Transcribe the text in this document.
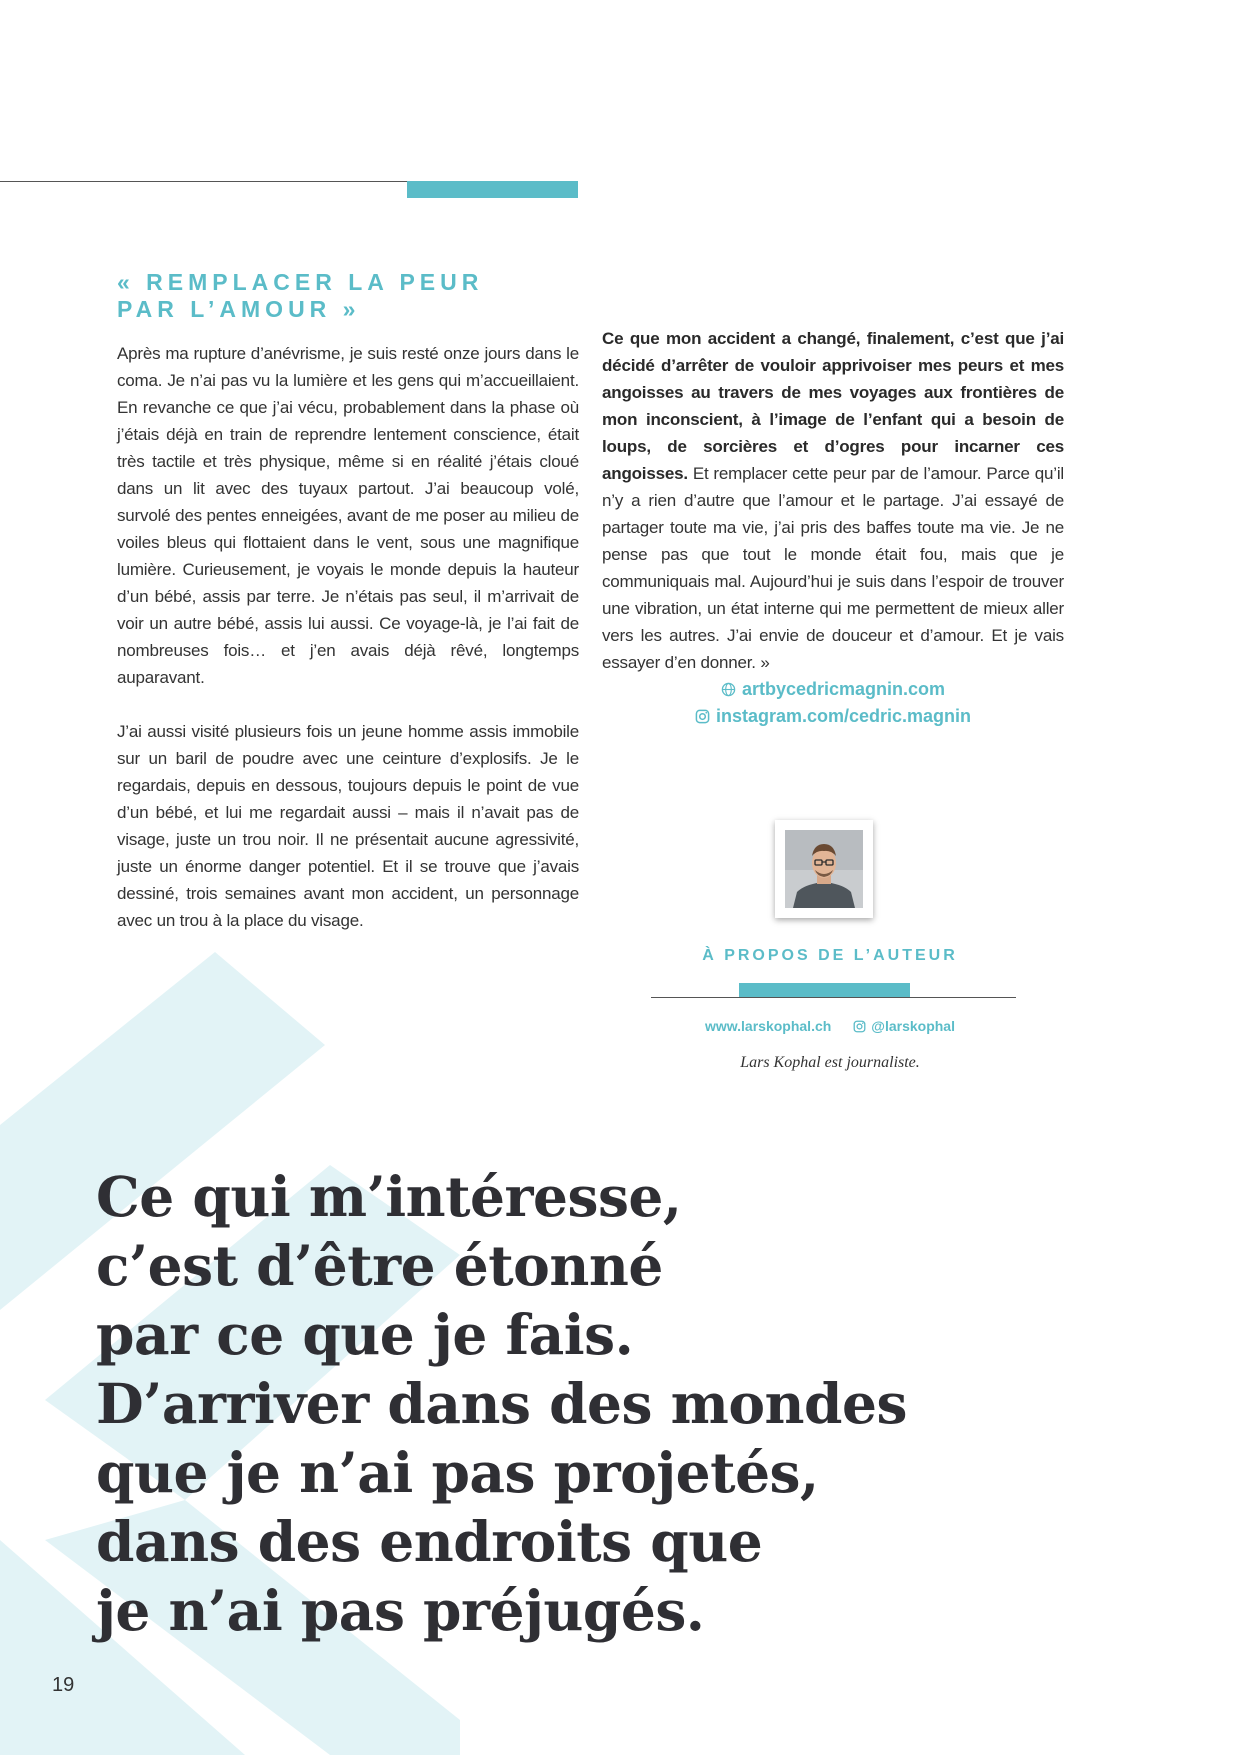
« REMPLACER LA PEUR
PAR L’AMOUR »

Après ma rupture d’anévrisme, je suis resté onze jours dans le coma. Je n’ai pas vu la lumière et les gens qui m’accueillaient. En revanche ce que j’ai vécu, probablement dans la phase où j’étais déjà en train de reprendre lentement conscience, était très tactile et très physique, même si en réalité j’étais cloué dans un lit avec des tuyaux partout. J’ai beaucoup volé, survolé des pentes enneigées, avant de me poser au milieu de voiles bleus qui flottaient dans le vent, sous une magnifique lumière. Curieusement, je voyais le monde depuis la hauteur d’un bébé, assis par terre. Je n’étais pas seul, il m’arrivait de voir un autre bébé, assis lui aussi. Ce voyage-là, je l’ai fait de nombreuses fois… et j’en avais déjà rêvé, longtemps auparavant.

J’ai aussi visité plusieurs fois un jeune homme assis immobile sur un baril de poudre avec une ceinture d’explosifs. Je le regardais, depuis en dessous, toujours depuis le point de vue d’un bébé, et lui me regardait aussi – mais il n’avait pas de visage, juste un trou noir. Il ne présentait aucune agressivité, juste un énorme danger potentiel. Et il se trouve que j’avais dessiné, trois semaines avant mon accident, un personnage avec un trou à la place du visage.

Ce que mon accident a changé, finalement, c’est que j’ai décidé d’arrêter de vouloir apprivoiser mes peurs et mes angoisses au travers de mes voyages aux frontières de mon inconscient, à l’image de l’enfant qui a besoin de loups, de sorcières et d’ogres pour incarner ces angoisses. Et remplacer cette peur par de l’amour. Parce qu’il n’y a rien d’autre que l’amour et le partage. J’ai essayé de partager toute ma vie, j’ai pris des baffes toute ma vie. Je ne pense pas que tout le monde était fou, mais que je communiquais mal. Aujourd’hui je suis dans l’espoir de trouver une vibration, un état interne qui me permettent de mieux aller vers les autres. J’ai envie de douceur et d’amour. Et je vais essayer d’en donner. »

artbycedricmagnin.com
instagram.com/cedric.magnin
À PROPOS DE L’AUTEUR
www.larskophal.ch	@larskophal
Lars Kophal est journaliste.
Ce qui m’intéresse,
c’est d’être étonné
par ce que je fais.
D’arriver dans des mondes
que je n’ai pas projetés,
dans des endroits que
je n’ai pas préjugés.
19
